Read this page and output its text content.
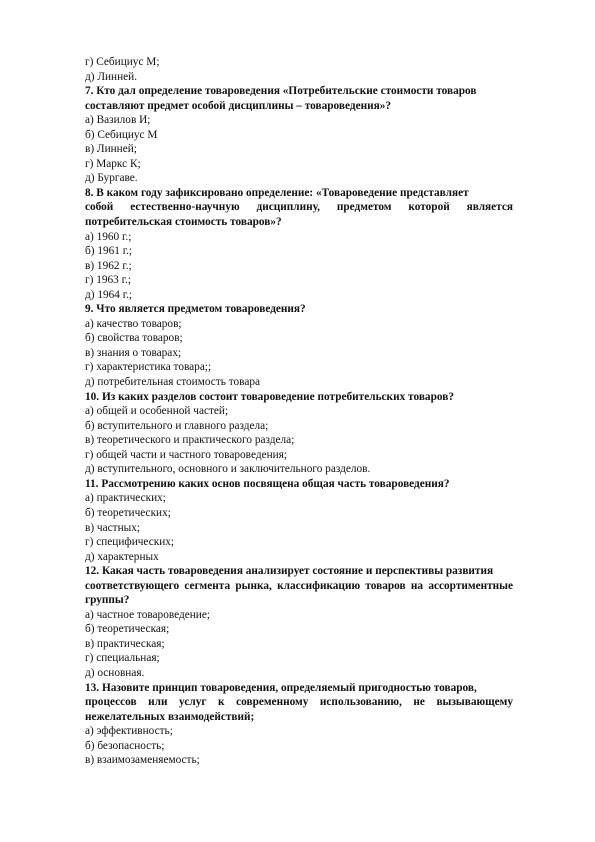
г) Себициус М;
д) Линней.
7. Кто дал определение товароведения «Потребительские стоимости товаров
составляют предмет особой дисциплины – товароведения»?
а) Вазилов И;
б) Себициус М
в) Линней;
г) Маркс К;
д) Бургаве.
8. В каком году зафиксировано определение: «Товароведение представляет
собой естественно-научную дисциплину, предметом которой является
потребительская стоимость товаров»?
а) 1960 г.;
б) 1961 г.;
в) 1962 г.;
г) 1963 г.;
д) 1964 г.;
9. Что является предметом товароведения?
а) качество товаров;
б) свойства товаров;
в) знания о товарах;
г) характеристика товара;;
д) потребительная стоимость товара
10. Из каких разделов состоит товароведение потребительских товаров?
а) общей и особенной частей;
б) вступительного и главного раздела;
в) теоретического и практического раздела;
г) общей части и частного товароведения;
д) вступительного, основного и заключительного разделов.
11. Рассмотрению каких основ посвящена общая часть товароведения?
а) практических;
б) теоретических;
в) частных;
г) специфических;
д) характерных
12. Какая часть товароведения анализирует состояние и перспективы развития
соответствующего сегмента рынка, классификацию товаров на ассортиментные
группы?
а) частное товароведение;
б) теоретическая;
в) практическая;
г) специальная;
д) основная.
13. Назовите принцип товароведения, определяемый пригодностью товаров,
процессов или услуг к современному использованию, не вызывающему
нежелательных взаимодействий;
а) эффективность;
б) безопасность;
в) взаимозаменяемость;
